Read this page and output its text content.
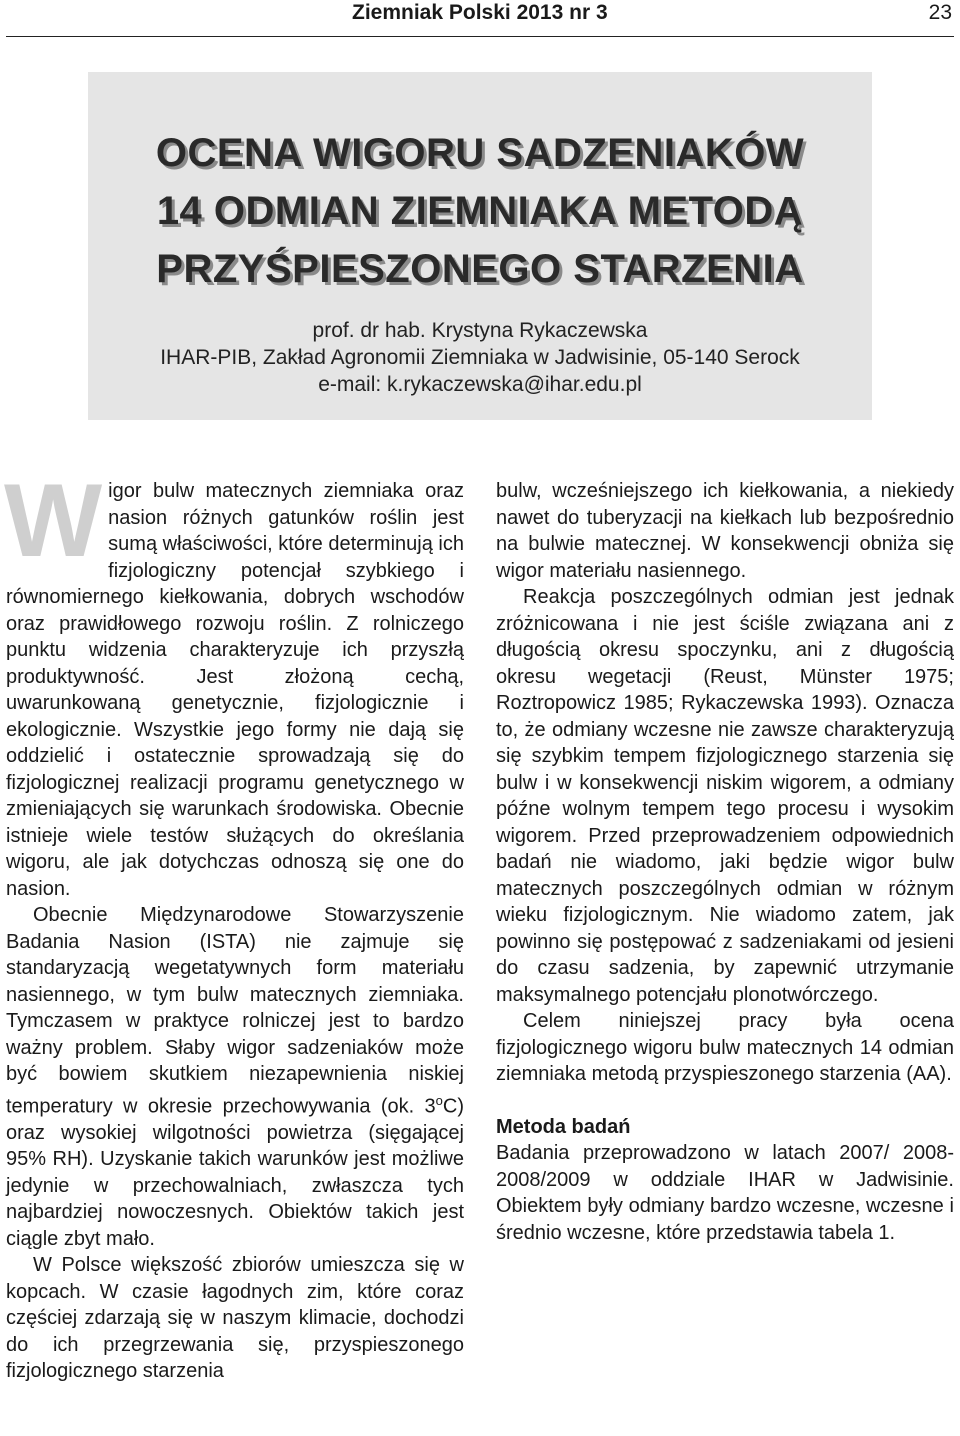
Ziemniak Polski 2013 nr 3	23
OCENA WIGORU SADZENIAKÓW
14 ODMIAN ZIEMNIAKA METODĄ
PRZYŚPIESZONEGO STARZENIA
prof. dr hab. Krystyna Rykaczewska
IHAR-PIB, Zakład Agronomii Ziemniaka w Jadwisinie, 05-140 Serock
e-mail: k.rykaczewska@ihar.edu.pl

Wigor bulw matecznych ziemniaka oraz nasion różnych gatunków roślin jest sumą właściwości, które determinują ich fizjologiczny potencjał szybkiego i równomiernego kiełkowania, dobrych wschodów oraz prawidłowego rozwoju roślin. Z rolniczego punktu widzenia charakteryzuje ich przyszłą produktywność. Jest złożoną cechą, uwarunkowaną genetycznie, fizjologicznie i ekologicznie. Wszystkie jego formy nie dają się oddzielić i ostatecznie sprowadzają się do fizjologicznej realizacji programu genetycznego w zmieniających się warunkach środowiska. Obecnie istnieje wiele testów służących do określania wigoru, ale jak dotychczas odnoszą się one do nasion.

Obecnie Międzynarodowe Stowarzyszenie Badania Nasion (ISTA) nie zajmuje się standaryzacją wegetatywnych form materiału nasiennego, w tym bulw matecznych ziemniaka. Tymczasem w praktyce rolniczej jest to bardzo ważny problem. Słaby wigor sadzeniaków może być bowiem skutkiem niezapewnienia niskiej temperatury w okresie przechowywania (ok. 3$^o$C) oraz wysokiej wilgotności powietrza (sięgającej 95% RH). Uzyskanie takich warunków jest możliwe jedynie w przechowalniach, zwłaszcza tych najbardziej nowoczesnych. Obiektów takich jest ciągle zbyt mało.

W Polsce większość zbiorów umieszcza się w kopcach. W czasie łagodnych zim, które coraz częściej zdarzają się w naszym klimacie, dochodzi do ich przegrzewania się, przyspieszonego fizjologicznego starzenia

bulw, wcześniejszego ich kiełkowania, a niekiedy nawet do tuberyzacji na kiełkach lub bezpośrednio na bulwie matecznej. W konsekwencji obniża się wigor materiału nasiennego.

Reakcja poszczególnych odmian jest jednak zróżnicowana i nie jest ściśle związana ani z długością okresu spoczynku, ani z długością okresu wegetacji (Reust, Münster 1975; Roztropowicz 1985; Rykaczewska 1993). Oznacza to, że odmiany wczesne nie zawsze charakteryzują się szybkim tempem fizjologicznego starzenia się bulw i w konsekwencji niskim wigorem, a odmiany późne wolnym tempem tego procesu i wysokim wigorem. Przed przeprowadzeniem odpowiednich badań nie wiadomo, jaki będzie wigor bulw matecznych poszczególnych odmian w różnym wieku fizjologicznym. Nie wiadomo zatem, jak powinno się postępować z sadzeniakami od jesieni do czasu sadzenia, by zapewnić utrzymanie maksymalnego potencjału plonotwórczego.

Celem niniejszej pracy była ocena fizjologicznego wigoru bulw matecznych 14 odmian ziemniaka metodą przyspieszonego starzenia (AA).

Metoda badań

Badania przeprowadzono w latach 2007/ 2008-2008/2009 w oddziale IHAR w Jadwisinie. Obiektem były odmiany bardzo wczesne, wczesne i średnio wczesne, które przedstawia tabela 1.
